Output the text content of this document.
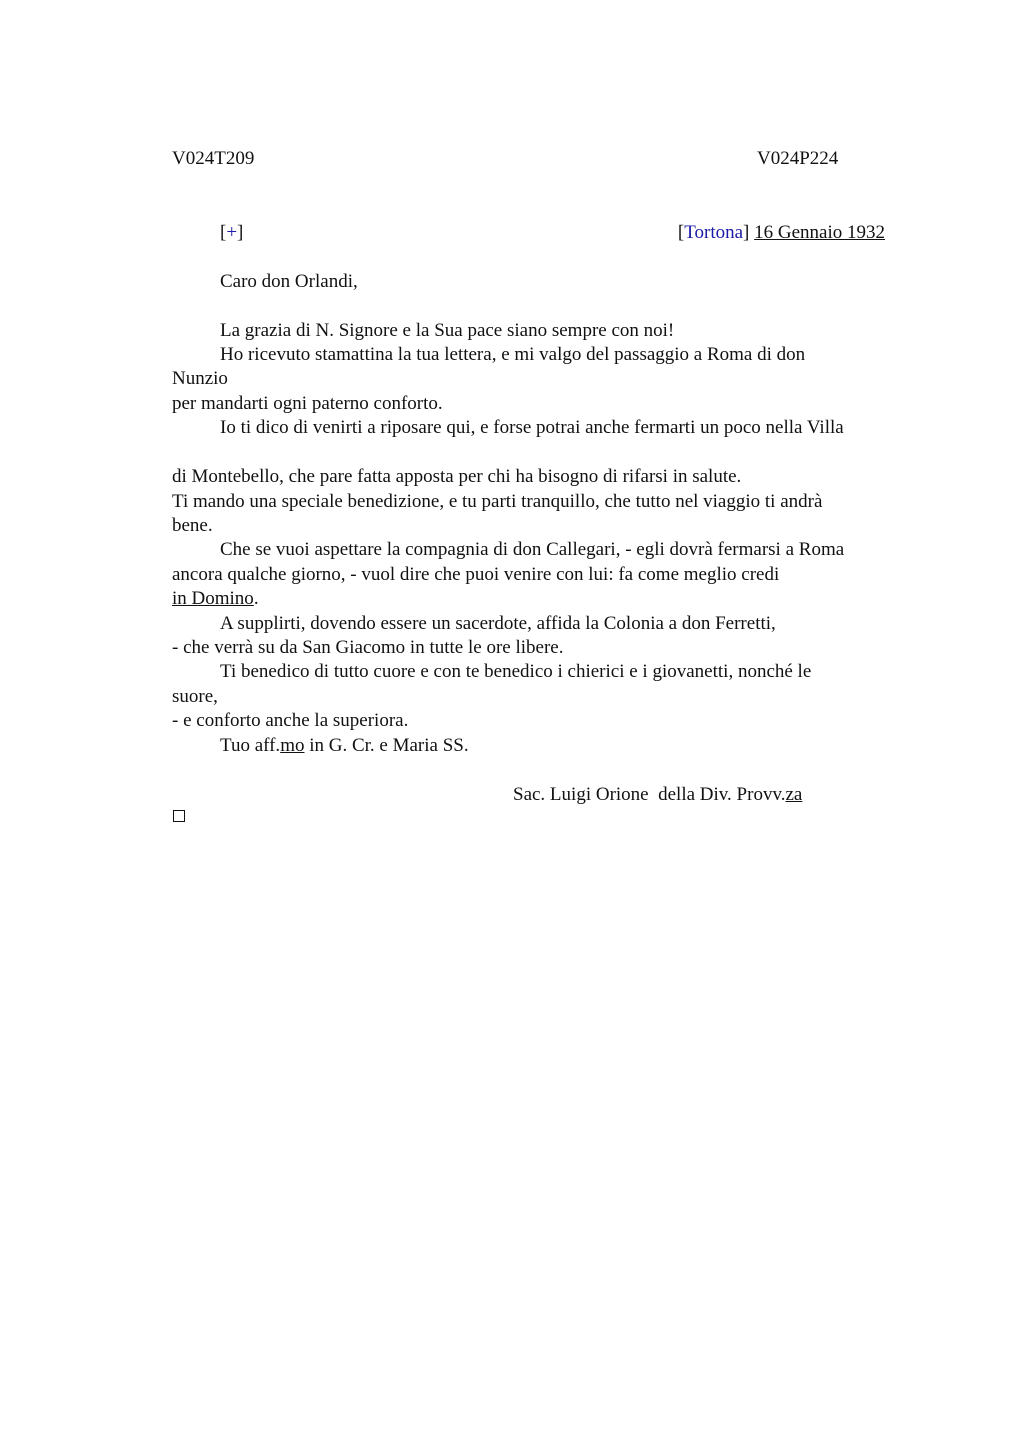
V024T209	V024P224
[+]	[Tortona] 16 Gennaio 1932
Caro don Orlandi,
La grazia di N. Signore e la Sua pace siano sempre con noi!
Ho ricevuto stamattina la tua lettera, e mi valgo del passaggio a Roma di don
Nunzio
per mandarti ogni paterno conforto.
Io ti dico di venirti a riposare qui, e forse potrai anche fermarti un poco nella Villa
di Montebello, che pare fatta apposta per chi ha bisogno di rifarsi in salute.
Ti mando una speciale benedizione, e tu parti tranquillo, che tutto nel viaggio ti andrà
bene.
Che se vuoi aspettare la compagnia di don Callegari, - egli dovrà fermarsi a Roma
ancora qualche giorno, - vuol dire che puoi venire con lui: fa come meglio credi
in Domino.
A supplirti, dovendo essere un sacerdote, affida la Colonia a don Ferretti,
- che verrà su da San Giacomo in tutte le ore libere.
Ti benedico di tutto cuore e con te benedico i chierici e i giovanetti, nonché le
suore,
- e conforto anche la superiora.
Tuo aff.mo in G. Cr. e Maria SS.
Sac. Luigi Orione  della Div. Provv.za
